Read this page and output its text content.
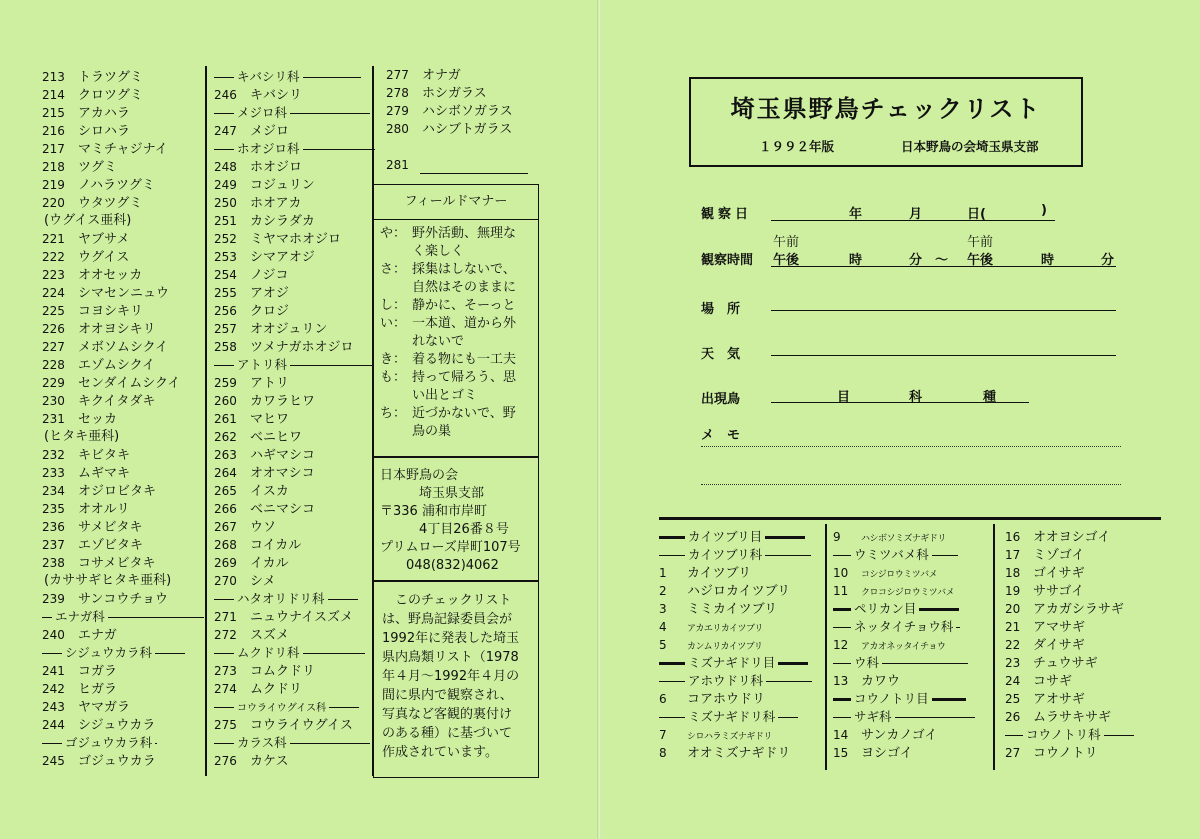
213 トラツグミ
214 クロツグミ
215 アカハラ
216 シロハラ
217 マミチャジナイ
218 ツグミ
219 ノハラツグミ
220 ウタツグミ
(ウグイス亜科)
221 ヤブサメ
222 ウグイス
223 オオセッカ
224 シマセンニュウ
225 コヨシキリ
226 オオヨシキリ
227 メボソムシクイ
228 エゾムシクイ
229 センダイムシクイ
230 キクイタダキ
231 セッカ
(ヒタキ亜科)
232 キビタキ
233 ムギマキ
234 オジロビタキ
235 オオルリ
236 サメビタキ
237 エゾビタキ
238 コサメビタキ
(カササギヒタキ亜科)
239 サンコウチョウ
エナガ科
240 エナガ
シジュウカラ科
241 コガラ
242 ヒガラ
243 ヤマガラ
244 シジュウカラ
ゴジュウカラ科
245 ゴジュウカラ
キバシリ科
246 キバシリ
メジロ科
247 メジロ
ホオジロ科
248 ホオジロ
249 コジュリン
250 ホオアカ
251 カシラダカ
252 ミヤマホオジロ
253 シマアオジ
254 ノジコ
255 アオジ
256 クロジ
257 オオジュリン
258 ツメナガホオジロ
アトリ科
259 アトリ
260 カワラヒワ
261 マヒワ
262 ベニヒワ
263 ハギマシコ
264 オオマシコ
265 イスカ
266 ベニマシコ
267 ウソ
268 コイカル
269 イカル
270 シメ
ハタオリドリ科
271 ニュウナイスズメ
272 スズメ
ムクドリ科
273 コムクドリ
274 ムクドリ
コウライウグイス科
275 コウライウグイス
カラス科
276 カケス
277 オナガ
278 ホシガラス
279 ハシボソガラス
280 ハシブトガラス
281
フィールドマナー
や： 野外活動、無理な
く楽しく
さ： 採集はしないで、
自然はそのままに
し： 静かに、そーっと
い： 一本道、道から外
れないで
き： 着る物にも一工夫
も： 持って帰ろう、思
い出とゴミ
ち： 近づかないで、野
鳥の巣
日本野鳥の会
　　　埼玉県支部
〒336 浦和市岸町
　　　4丁目26番８号
プリムローズ岸町107号
　　048(832)4062
　このチェックリスト
は、野鳥記録委員会が
1992年に発表した埼玉
県内鳥類リスト（1978
年４月～1992年４月の
間に県内で観察され、
写真など客観的裏付け
のある種）に基づいて
作成されています。
埼玉県野鳥チェックリスト
１９９２年版	日本野鳥の会埼玉県支部
観察日	年	月	日(	)
観察時間
午前
午後	時	分 ～
午前
午後	時	分
場　所
天　気
出現鳥	目	科	種
メ　モ
カイツブリ目
カイツブリ科
1 カイツブリ
2 ハジロカイツブリ
3 ミミカイツブリ
4 アカエリカイツブリ
5 カンムリカイツブリ
ミズナギドリ目
アホウドリ科
6 コアホウドリ
ミズナギドリ科
7 シロハラミズナギドリ
8 オオミズナギドリ
9 ハシボソミズナギドリ
ウミツバメ科
10 コシジロウミツバメ
11 クロコシジロウミツバメ
ペリカン目
ネッタイチョウ科
12 アカオネッタイチョウ
ウ科
13 カワウ
コウノトリ目
サギ科
14 サンカノゴイ
15 ヨシゴイ
16 オオヨシゴイ
17 ミゾゴイ
18 ゴイサギ
19 ササゴイ
20 アカガシラサギ
21 アマサギ
22 ダイサギ
23 チュウサギ
24 コサギ
25 アオサギ
26 ムラサキサギ
コウノトリ科
27 コウノトリ
